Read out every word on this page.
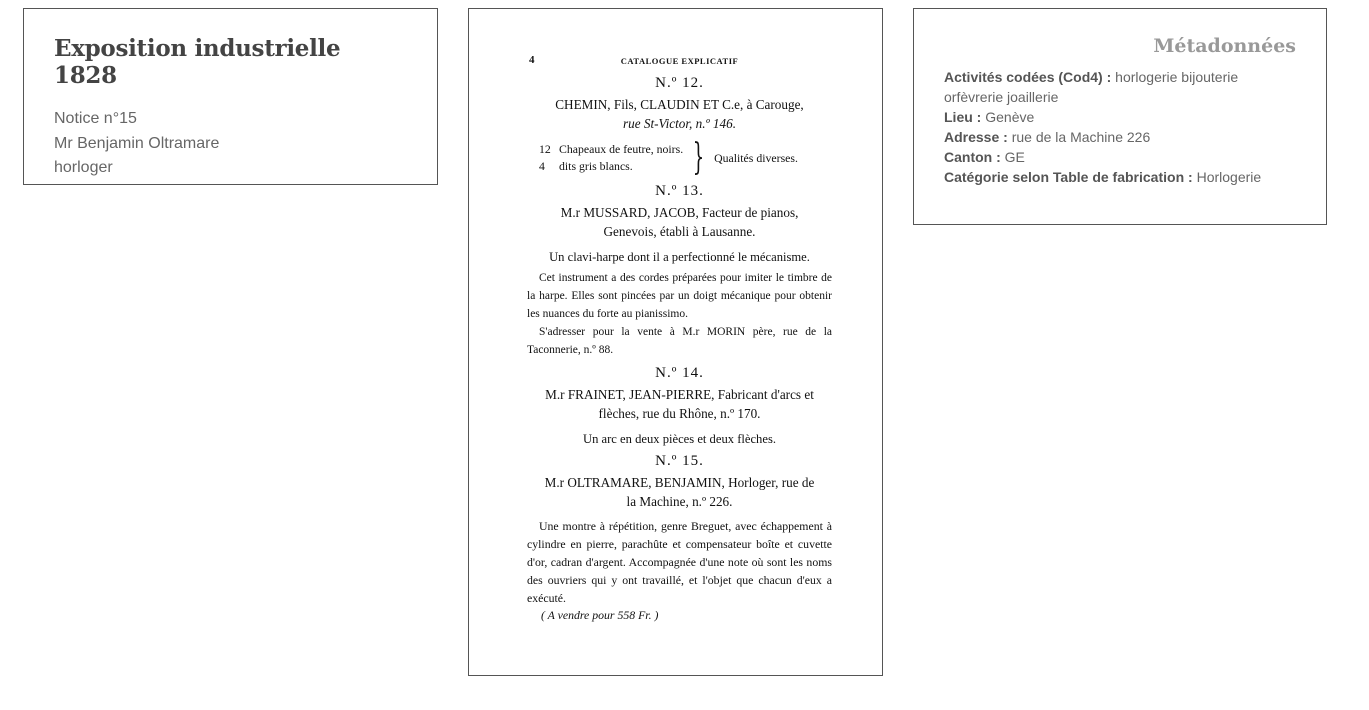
Exposition industrielle 1828
Notice n°15
Mr Benjamin Oltramare
horloger
4	CATALOGUE EXPLICATIF
N.º 12.
CHEMIN, Fils, CLAUDIN ET C.e, à Carouge,
rue St-Victor, n.º 146.
12 Chapeaux de feutre, noirs.
4 dits gris blancs.	} Qualités diverses.
N.º 13.
M.r MUSSARD, JACOB, Facteur de pianos,
Genevois, établi à Lausanne.
Un clavi-harpe dont il a perfectionné le mécanisme.
Cet instrument a des cordes préparées pour imiter le timbre de la harpe. Elles sont pincées par un doigt mécanique pour obtenir les nuances du forte au pianissimo.
S'adresser pour la vente à M.r MORIN père, rue de la Taconnerie, n.º 88.
N.º 14.
M.r FRAINET, JEAN-PIERRE, Fabricant d'arcs et
flèches, rue du Rhône, n.º 170.
Un arc en deux pièces et deux flèches.
N.º 15.
M.r OLTRAMARE, BENJAMIN, Horloger, rue de
la Machine, n.º 226.
Une montre à répétition, genre Breguet, avec échappement à cylindre en pierre, parachûte et compensateur boîte et cuvette d'or, cadran d'argent. Accompagnée d'une note où sont les noms des ouvriers qui y ont travaillé, et l'objet que chacun d'eux a exécuté.
( A vendre pour 558 Fr. )
Métadonnées
Activités codées (Cod4) : horlogerie bijouterie orfèvrerie joaillerie
Lieu : Genève
Adresse : rue de la Machine 226
Canton : GE
Catégorie selon Table de fabrication : Horlogerie
